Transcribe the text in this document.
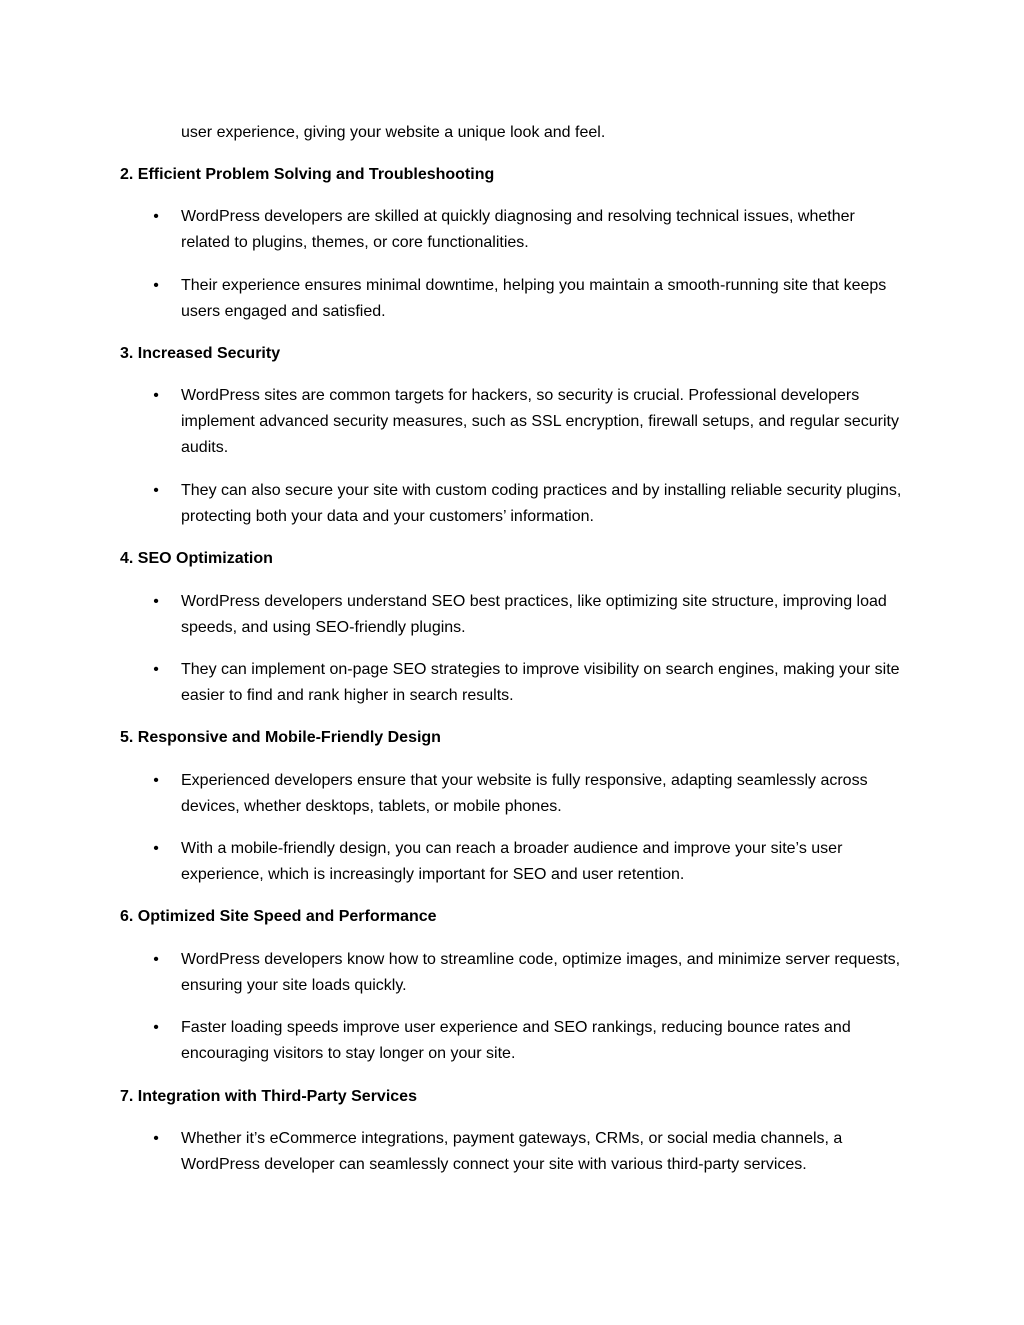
user experience, giving your website a unique look and feel.

2. Efficient Problem Solving and Troubleshooting

• WordPress developers are skilled at quickly diagnosing and resolving technical issues, whether related to plugins, themes, or core functionalities.
• Their experience ensures minimal downtime, helping you maintain a smooth-running site that keeps users engaged and satisfied.

3. Increased Security

• WordPress sites are common targets for hackers, so security is crucial. Professional developers implement advanced security measures, such as SSL encryption, firewall setups, and regular security audits.
• They can also secure your site with custom coding practices and by installing reliable security plugins, protecting both your data and your customers’ information.

4. SEO Optimization

• WordPress developers understand SEO best practices, like optimizing site structure, improving load speeds, and using SEO-friendly plugins.
• They can implement on-page SEO strategies to improve visibility on search engines, making your site easier to find and rank higher in search results.

5. Responsive and Mobile-Friendly Design

• Experienced developers ensure that your website is fully responsive, adapting seamlessly across devices, whether desktops, tablets, or mobile phones.
• With a mobile-friendly design, you can reach a broader audience and improve your site’s user experience, which is increasingly important for SEO and user retention.

6. Optimized Site Speed and Performance

• WordPress developers know how to streamline code, optimize images, and minimize server requests, ensuring your site loads quickly.
• Faster loading speeds improve user experience and SEO rankings, reducing bounce rates and encouraging visitors to stay longer on your site.

7. Integration with Third-Party Services

• Whether it’s eCommerce integrations, payment gateways, CRMs, or social media channels, a WordPress developer can seamlessly connect your site with various third-party services.
